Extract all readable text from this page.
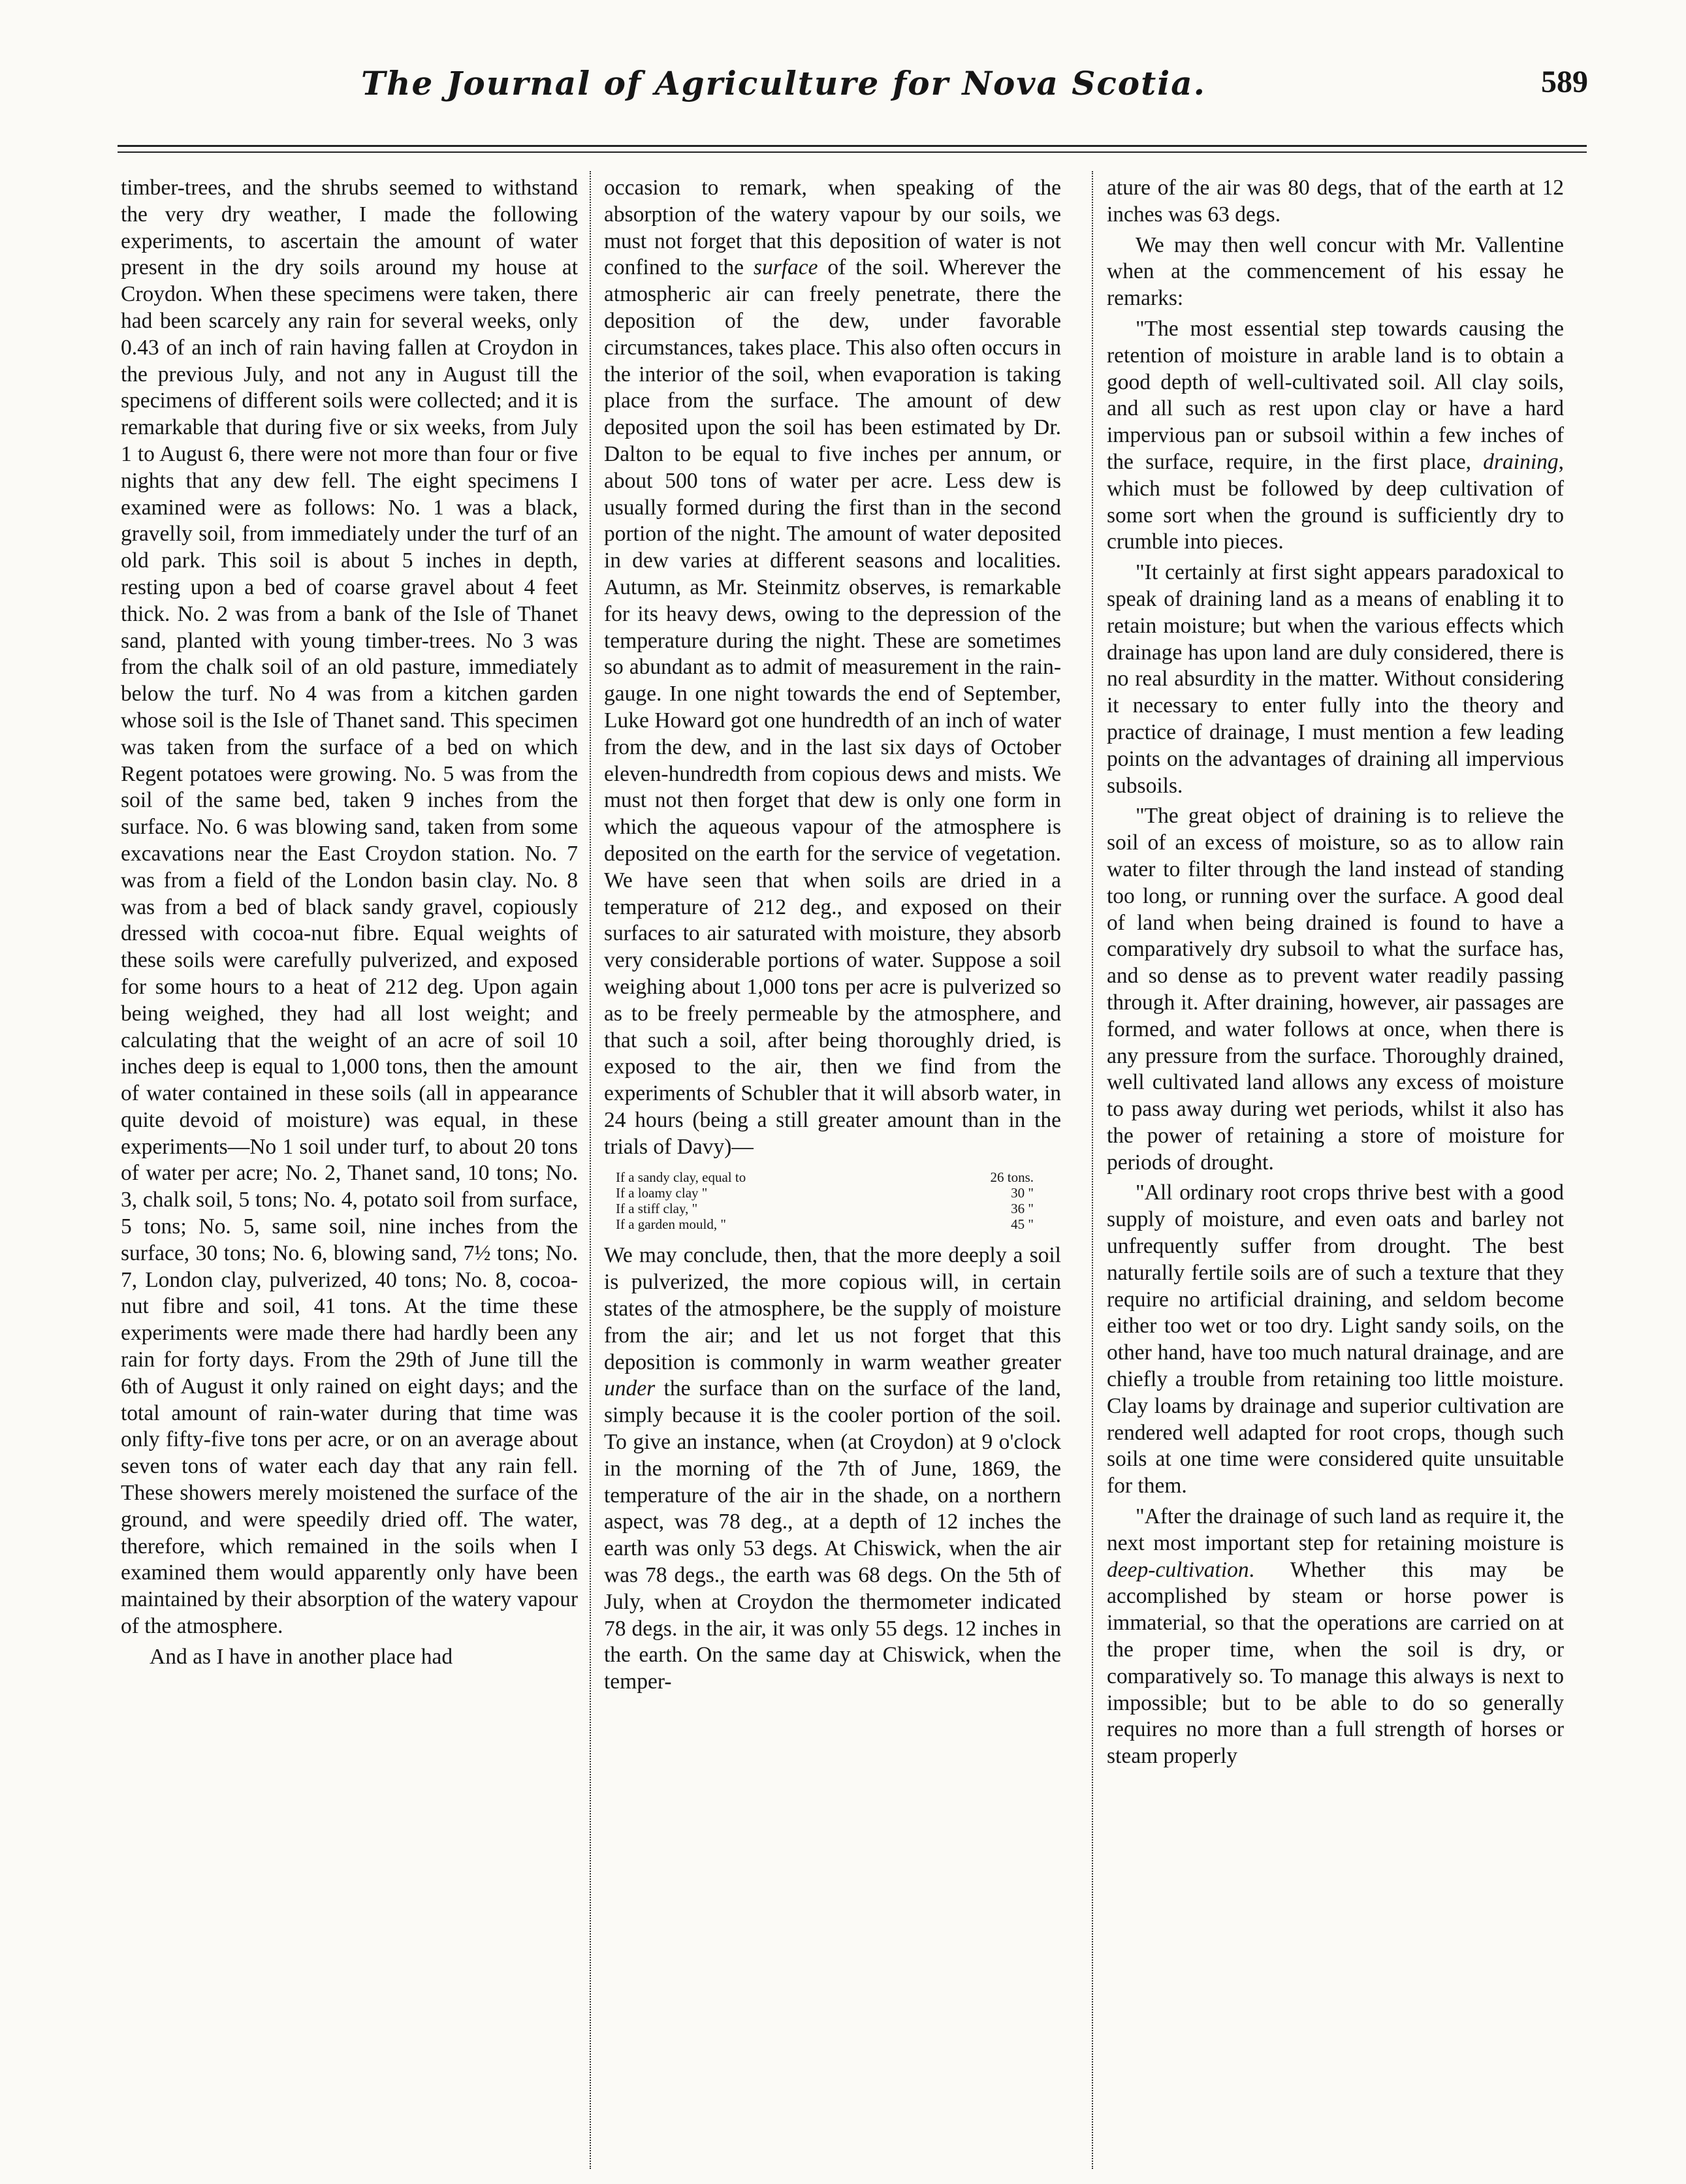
The Journal of Agriculture for Nova Scotia.	589

timber-trees, and the shrubs seemed to withstand the very dry weather, I made the following experiments, to ascertain the amount of water present in the dry soils around my house at Croydon. When these specimens were taken, there had been scarcely any rain for several weeks, only 0.43 of an inch of rain having fallen at Croydon in the previous July, and not any in August till the specimens of different soils were collected; and it is remarkable that during five or six weeks, from July 1 to August 6, there were not more than four or five nights that any dew fell. The eight specimens I examined were as follows: No. 1 was a black, gravelly soil, from immediately under the turf of an old park. This soil is about 5 inches in depth, resting upon a bed of coarse gravel about 4 feet thick. No. 2 was from a bank of the Isle of Thanet sand, planted with young timber-trees. No 3 was from the chalk soil of an old pasture, immediately below the turf. No 4 was from a kitchen garden whose soil is the Isle of Thanet sand. This specimen was taken from the surface of a bed on which Regent potatoes were growing. No. 5 was from the soil of the same bed, taken 9 inches from the surface. No. 6 was blowing sand, taken from some excavations near the East Croydon station. No. 7 was from a field of the London basin clay. No. 8 was from a bed of black sandy gravel, copiously dressed with cocoa-nut fibre. Equal weights of these soils were carefully pulverized, and exposed for some hours to a heat of 212 deg. Upon again being weighed, they had all lost weight; and calculating that the weight of an acre of soil 10 inches deep is equal to 1,000 tons, then the amount of water contained in these soils (all in appearance quite devoid of moisture) was equal, in these experiments—No 1 soil under turf, to about 20 tons of water per acre; No. 2, Thanet sand, 10 tons; No. 3, chalk soil, 5 tons; No. 4, potato soil from surface, 5 tons; No. 5, same soil, nine inches from the surface, 30 tons; No. 6, blowing sand, 7½ tons; No. 7, London clay, pulverized, 40 tons; No. 8, cocoa-nut fibre and soil, 41 tons. At the time these experiments were made there had hardly been any rain for forty days. From the 29th of June till the 6th of August it only rained on eight days; and the total amount of rain-water during that time was only fifty-five tons per acre, or on an average about seven tons of water each day that any rain fell. These showers merely moistened the surface of the ground, and were speedily dried off. The water, therefore, which remained in the soils when I examined them would apparently only have been maintained by their absorption of the watery vapour of the atmosphere.

And as I have in another place had

occasion to remark, when speaking of the absorption of the watery vapour by our soils, we must not forget that this deposition of water is not confined to the surface of the soil. Wherever the atmospheric air can freely penetrate, there the deposition of the dew, under favorable circumstances, takes place. This also often occurs in the interior of the soil, when evaporation is taking place from the surface. The amount of dew deposited upon the soil has been estimated by Dr. Dalton to be equal to five inches per annum, or about 500 tons of water per acre. Less dew is usually formed during the first than in the second portion of the night. The amount of water deposited in dew varies at different seasons and localities. Autumn, as Mr. Steinmitz observes, is remarkable for its heavy dews, owing to the depression of the temperature during the night. These are sometimes so abundant as to admit of measurement in the rain-gauge. In one night towards the end of September, Luke Howard got one hundredth of an inch of water from the dew, and in the last six days of October eleven-hundredth from copious dews and mists. We must not then forget that dew is only one form in which the aqueous vapour of the atmosphere is deposited on the earth for the service of vegetation. We have seen that when soils are dried in a temperature of 212 deg., and exposed on their surfaces to air saturated with moisture, they absorb very considerable portions of water. Suppose a soil weighing about 1,000 tons per acre is pulverized so as to be freely permeable by the atmosphere, and that such a soil, after being thoroughly dried, is exposed to the air, then we find from the experiments of Schubler that it will absorb water, in 24 hours (being a still greater amount than in the trials of Davy)—

If a sandy clay, equal to	26 tons.
If a loamy clay "	30 "
If a stiff clay, "	36 "
If a garden mould, "	45 "

We may conclude, then, that the more deeply a soil is pulverized, the more copious will, in certain states of the atmosphere, be the supply of moisture from the air; and let us not forget that this deposition is commonly in warm weather greater under the surface than on the surface of the land, simply because it is the cooler portion of the soil. To give an instance, when (at Croydon) at 9 o'clock in the morning of the 7th of June, 1869, the temperature of the air in the shade, on a northern aspect, was 78 deg., at a depth of 12 inches the earth was only 53 degs. At Chiswick, when the air was 78 degs., the earth was 68 degs. On the 5th of July, when at Croydon the thermometer indicated 78 degs. in the air, it was only 55 degs. 12 inches in the earth. On the same day at Chiswick, when the temper-

ature of the air was 80 degs, that of the earth at 12 inches was 63 degs.

We may then well concur with Mr. Vallentine when at the commencement of his essay he remarks:

"The most essential step towards causing the retention of moisture in arable land is to obtain a good depth of well-cultivated soil. All clay soils, and all such as rest upon clay or have a hard impervious pan or subsoil within a few inches of the surface, require, in the first place, draining, which must be followed by deep cultivation of some sort when the ground is sufficiently dry to crumble into pieces.

"It certainly at first sight appears paradoxical to speak of draining land as a means of enabling it to retain moisture; but when the various effects which drainage has upon land are duly considered, there is no real absurdity in the matter. Without considering it necessary to enter fully into the theory and practice of drainage, I must mention a few leading points on the advantages of draining all impervious subsoils.

"The great object of draining is to relieve the soil of an excess of moisture, so as to allow rain water to filter through the land instead of standing too long, or running over the surface. A good deal of land when being drained is found to have a comparatively dry subsoil to what the surface has, and so dense as to prevent water readily passing through it. After draining, however, air passages are formed, and water follows at once, when there is any pressure from the surface. Thoroughly drained, well cultivated land allows any excess of moisture to pass away during wet periods, whilst it also has the power of retaining a store of moisture for periods of drought.

"All ordinary root crops thrive best with a good supply of moisture, and even oats and barley not unfrequently suffer from drought. The best naturally fertile soils are of such a texture that they require no artificial draining, and seldom become either too wet or too dry. Light sandy soils, on the other hand, have too much natural drainage, and are chiefly a trouble from retaining too little moisture. Clay loams by drainage and superior cultivation are rendered well adapted for root crops, though such soils at one time were considered quite unsuitable for them.

"After the drainage of such land as require it, the next most important step for retaining moisture is deep-cultivation. Whether this may be accomplished by steam or horse power is immaterial, so that the operations are carried on at the proper time, when the soil is dry, or comparatively so. To manage this always is next to impossible; but to be able to do so generally requires no more than a full strength of horses or steam properly
